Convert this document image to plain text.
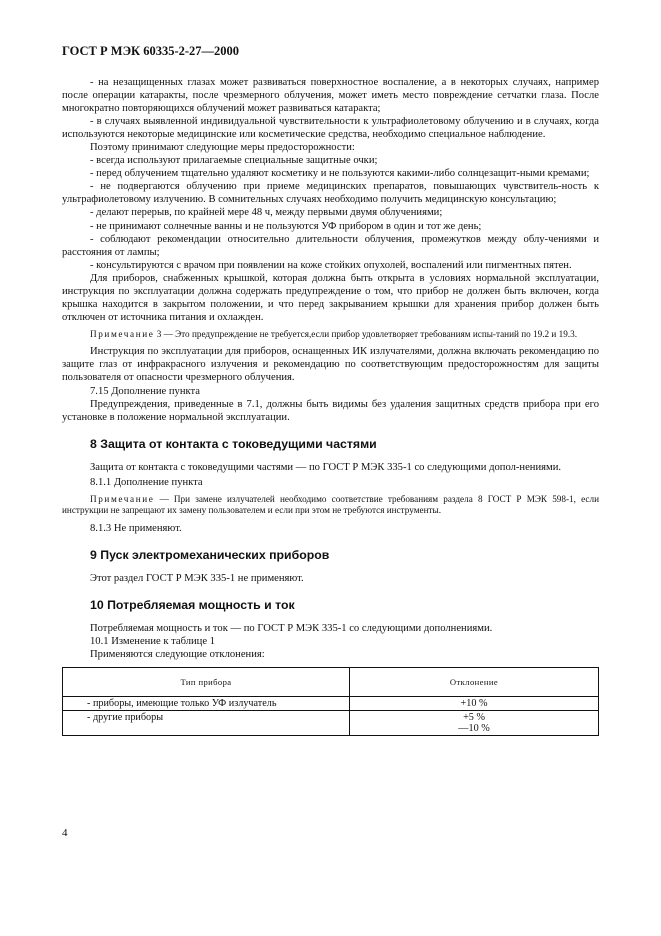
ГОСТ Р МЭК 60335-2-27—2000

- на незащищенных глазах может развиваться поверхностное воспаление, а в некоторых случаях, например после операции катаракты, после чрезмерного облучения, может иметь место повреждение сетчатки глаза. После многократно повторяющихся облучений может развиваться катаракта;

- в случаях выявленной индивидуальной чувствительности к ультрафиолетовому облучению и в случаях, когда используются некоторые медицинские или косметические средства, необходимо специальное наблюдение.

Поэтому принимают следующие меры предосторожности:

- всегда используют прилагаемые специальные защитные очки;

- перед облучением тщательно удаляют косметику и не пользуются какими-либо солнцезащит-ными кремами;

- не подвергаются облучению при приеме медицинских препаратов, повышающих чувствитель-ность к ультрафиолетовому излучению. В сомнительных случаях необходимо получить медицинскую консультацию;

- делают перерыв, по крайней мере 48 ч, между первыми двумя облучениями;

- не принимают солнечные ванны и не пользуются УФ прибором в один и тот же день;

- соблюдают рекомендации относительно длительности облучения, промежутков между облу-чениями и расстояния от лампы;

- консультируются с врачом при появлении на коже стойких опухолей, воспалений или пигментных пятен.

Для приборов, снабженных крышкой, которая должна быть открыта в условиях нормальной эксплуатации, инструкция по эксплуатации должна содержать предупреждение о том, что прибор не должен быть включен, когда крышка находится в закрытом положении, и что перед закрыванием крышки для хранения прибор должен быть отключен от источника питания и охлажден.

Примечание 3 — Это предупреждение не требуется,если прибор удовлетворяет требованиям испы-таний по 19.2 и 19.3.

Инструкция по эксплуатации для приборов, оснащенных ИК излучателями, должна включать рекомендацию по защите глаз от инфракрасного излучения и рекомендацию по соответствующим предосторожностям для защиты пользователя от опасности чрезмерного облучения.

7.15 Дополнение пункта

Предупреждения, приведенные в 7.1, должны быть видимы без удаления защитных средств прибора при его установке в положение нормальной эксплуатации.

8 Защита от контакта с токоведущими частями

Защита от контакта с токоведущими частями — по ГОСТ Р МЭК 335-1 со следующими допол-нениями.

8.1.1 Дополнение пункта

Примечание — При замене излучателей необходимо соответствие требованиям раздела 8 ГОСТ Р МЭК 598-1, если инструкции не запрещают их замену пользователем и если при этом не требуются инструменты.

8.1.3 Не применяют.

9 Пуск электромеханических приборов

Этот раздел ГОСТ Р МЭК 335-1 не применяют.

10 Потребляемая мощность и ток

Потребляемая мощность и ток — по ГОСТ Р МЭК 335-1 со следующими дополнениями.

10.1 Изменение к таблице 1

Применяются следующие отклонения:

Тип прибора	Отклонение
- приборы, имеющие только УФ излучатель	+10 %

- другие приборы	+5 %
—10 %
4
